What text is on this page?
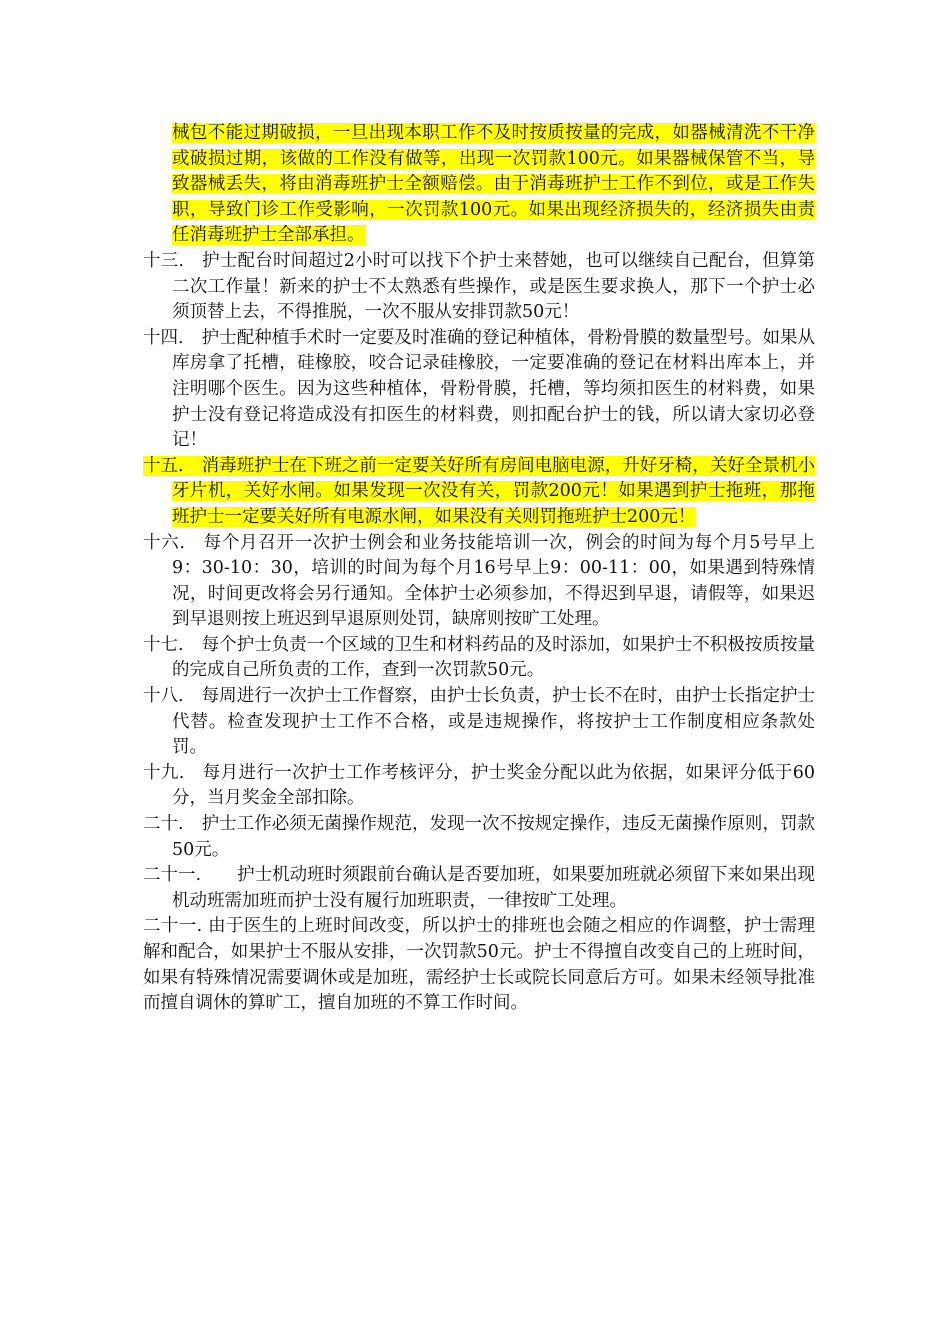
械包不能过期破损，一旦出现本职工作不及时按质按量的完成，如器械清洗不干净或破损过期，该做的工作没有做等，出现一次罚款100元。如果器械保管不当，导致器械丢失，将由消毒班护士全额赔偿。由于消毒班护士工作不到位，或是工作失职，导致门诊工作受影响，一次罚款100元。如果出现经济损失的，经济损失由责任消毒班护士全部承担。

十三. 护士配台时间超过2小时可以找下个护士来替她，也可以继续自己配台，但算第二次工作量！新来的护士不太熟悉有些操作，或是医生要求换人，那下一个护士必须顶替上去，不得推脱，一次不服从安排罚款50元！

十四. 护士配种植手术时一定要及时准确的登记种植体，骨粉骨膜的数量型号。如果从库房拿了托槽，硅橡胶，咬合记录硅橡胶，一定要准确的登记在材料出库本上，并注明哪个医生。因为这些种植体，骨粉骨膜，托槽，等均须扣医生的材料费，如果护士没有登记将造成没有扣医生的材料费，则扣配台护士的钱，所以请大家切必登记！

十五. 消毒班护士在下班之前一定要关好所有房间电脑电源，升好牙椅，关好全景机小牙片机，关好水闸。如果发现一次没有关，罚款200元！如果遇到护士拖班，那拖班护士一定要关好所有电源水闸，如果没有关则罚拖班护士200元！

十六. 每个月召开一次护士例会和业务技能培训一次，例会的时间为每个月5号早上9：30-10：30，培训的时间为每个月16号早上9：00-11：00，如果遇到特殊情况，时间更改将会另行通知。全体护士必须参加，不得迟到早退，请假等，如果迟到早退则按上班迟到早退原则处罚，缺席则按旷工处理。

十七. 每个护士负责一个区域的卫生和材料药品的及时添加，如果护士不积极按质按量的完成自己所负责的工作，查到一次罚款50元。

十八. 每周进行一次护士工作督察，由护士长负责，护士长不在时，由护士长指定护士代替。检查发现护士工作不合格，或是违规操作，将按护士工作制度相应条款处罚。

十九. 每月进行一次护士工作考核评分，护士奖金分配以此为依据，如果评分低于60分，当月奖金全部扣除。

二十. 护士工作必须无菌操作规范，发现一次不按规定操作，违反无菌操作原则，罚款50元。

二十一. 护士机动班时须跟前台确认是否要加班，如果要加班就必须留下来如果出现机动班需加班而护士没有履行加班职责，一律按旷工处理。

二十一. 由于医生的上班时间改变，所以护士的排班也会随之相应的作调整，护士需理解和配合，如果护士不服从安排，一次罚款50元。护士不得擅自改变自己的上班时间，如果有特殊情况需要调休或是加班，需经护士长或院长同意后方可。如果未经领导批准而擅自调休的算旷工，擅自加班的不算工作时间。
